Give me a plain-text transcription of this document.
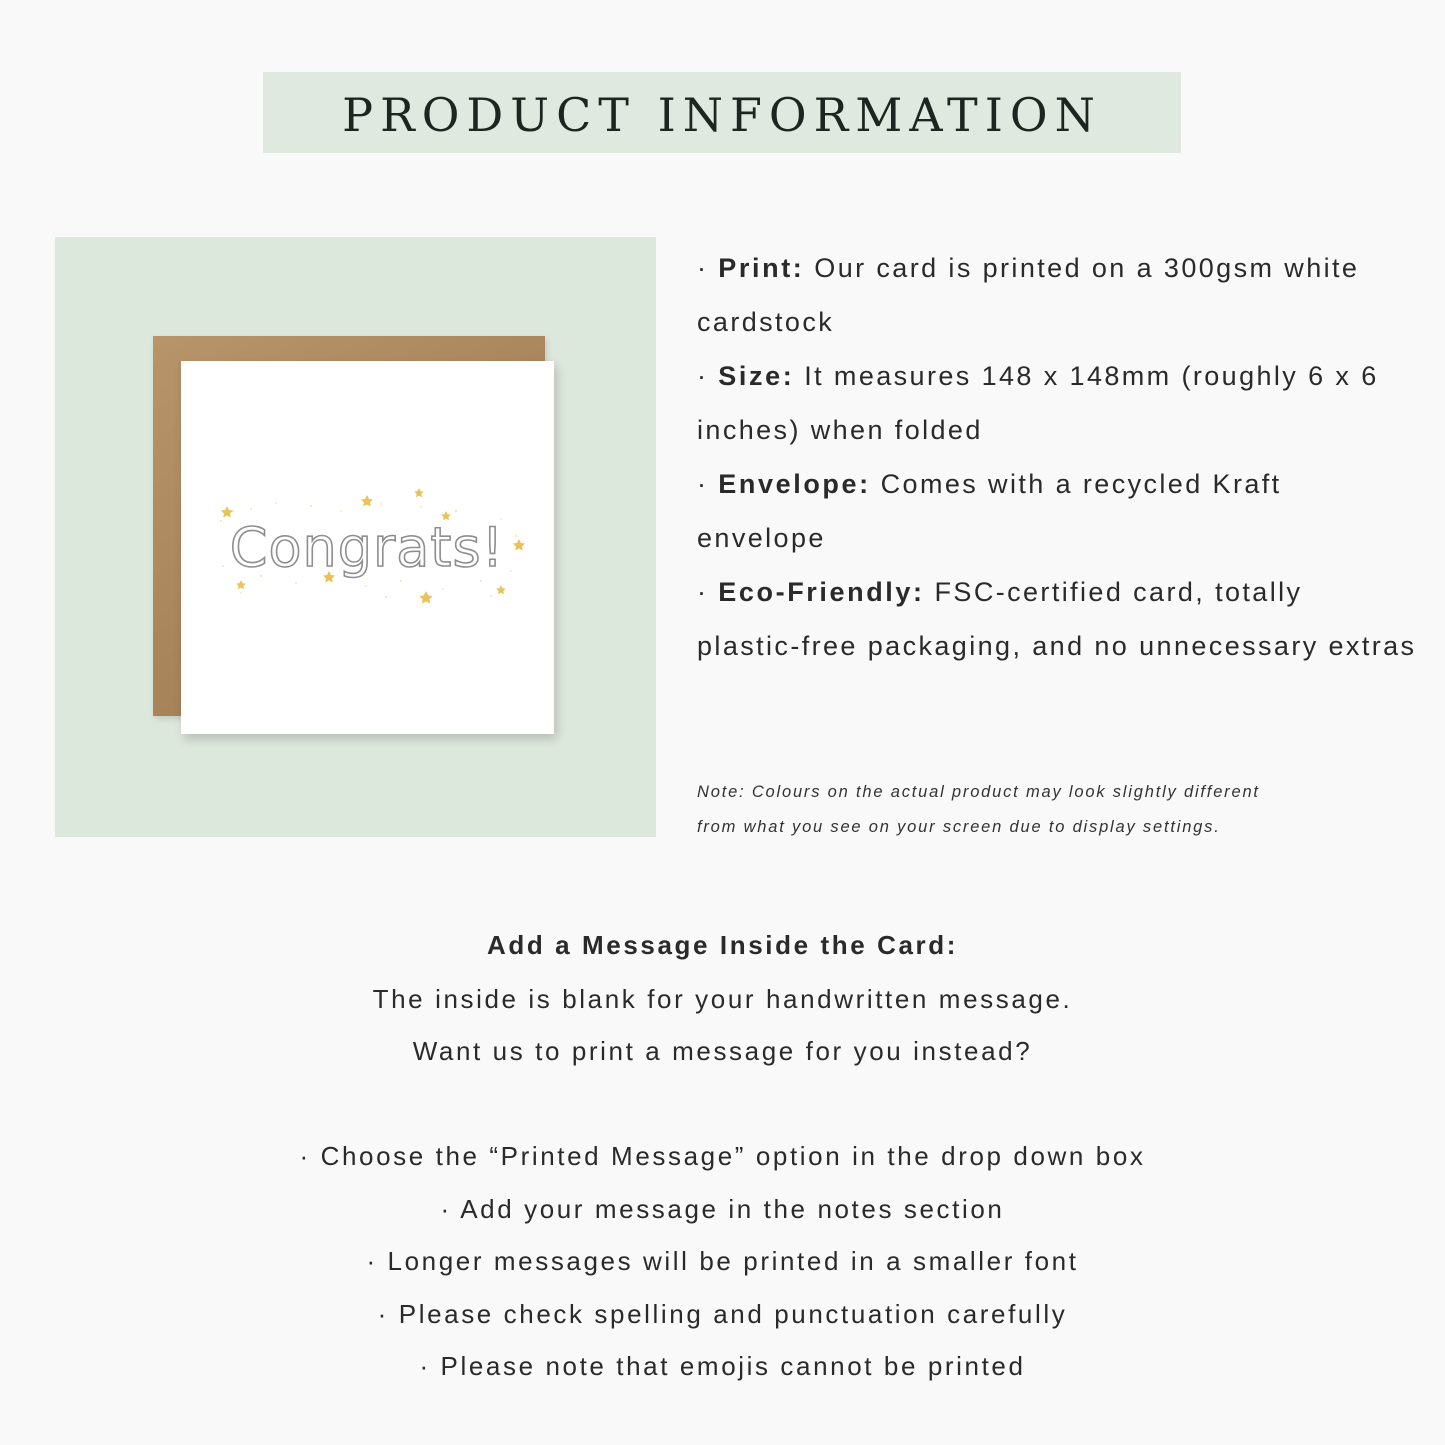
PRODUCT INFORMATION
Congrats!

· Print: Our card is printed on a 300gsm white cardstock

· Size: It measures 148 x 148mm (roughly 6 x 6 inches) when folded

· Envelope: Comes with a recycled Kraft envelope

· Eco-Friendly: FSC-certified card, totally plastic-free packaging, and no unnecessary extras

Note: Colours on the actual product may look slightly different

from what you see on your screen due to display settings.

Add a Message Inside the Card:
The inside is blank for your handwritten message.
Want us to print a message for you instead?
· Choose the “Printed Message” option in the drop down box
· Add your message in the notes section
· Longer messages will be printed in a smaller font
· Please check spelling and punctuation carefully
· Please note that emojis cannot be printed
